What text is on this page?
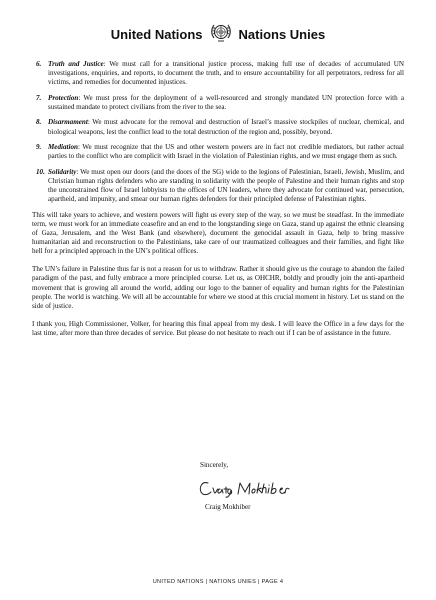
United Nations	Nations Unies
6. Truth and Justice: We must call for a transitional justice process, making full use of decades of accumulated UN investigations, enquiries, and reports, to document the truth, and to ensure accountability for all perpetrators, redress for all victims, and remedies for documented injustices.
7. Protection: We must press for the deployment of a well-resourced and strongly mandated UN protection force with a sustained mandate to protect civilians from the river to the sea.
8. Disarmament: We must advocate for the removal and destruction of Israel’s massive stockpiles of nuclear, chemical, and biological weapons, lest the conflict lead to the total destruction of the region and, possibly, beyond.
9. Mediation: We must recognize that the US and other western powers are in fact not credible mediators, but rather actual parties to the conflict who are complicit with Israel in the violation of Palestinian rights, and we must engage them as such.
10. Solidarity: We must open our doors (and the doors of the SG) wide to the legions of Palestinian, Israeli, Jewish, Muslim, and Christian human rights defenders who are standing in solidarity with the people of Palestine and their human rights and stop the unconstrained flow of Israel lobbyists to the offices of UN leaders, where they advocate for continued war, persecution, apartheid, and impunity, and smear our human rights defenders for their principled defense of Palestinian rights.

This will take years to achieve, and western powers will fight us every step of the way, so we must be steadfast. In the immediate term, we must work for an immediate ceasefire and an end to the longstanding siege on Gaza, stand up against the ethnic cleansing of Gaza, Jerusalem, and the West Bank (and elsewhere), document the genocidal assault in Gaza, help to bring massive humanitarian aid and reconstruction to the Palestinians, take care of our traumatized colleagues and their families, and fight like hell for a principled approach in the UN’s political offices.

The UN’s failure in Palestine thus far is not a reason for us to withdraw. Rather it should give us the courage to abandon the failed paradigm of the past, and fully embrace a more principled course. Let us, as OHCHR, boldly and proudly join the anti-apartheid movement that is growing all around the world, adding our logo to the banner of equality and human rights for the Palestinian people. The world is watching. We will all be accountable for where we stood at this crucial moment in history. Let us stand on the side of justice.

I thank you, High Commissioner, Volker, for hearing this final appeal from my desk. I will leave the Office in a few days for the last time, after more than three decades of service. But please do not hesitate to reach out if I can be of assistance in the future.

Sincerely,
Craig Mokhiber
UNITED NATIONS | NATIONS UNIES | PAGE 4
